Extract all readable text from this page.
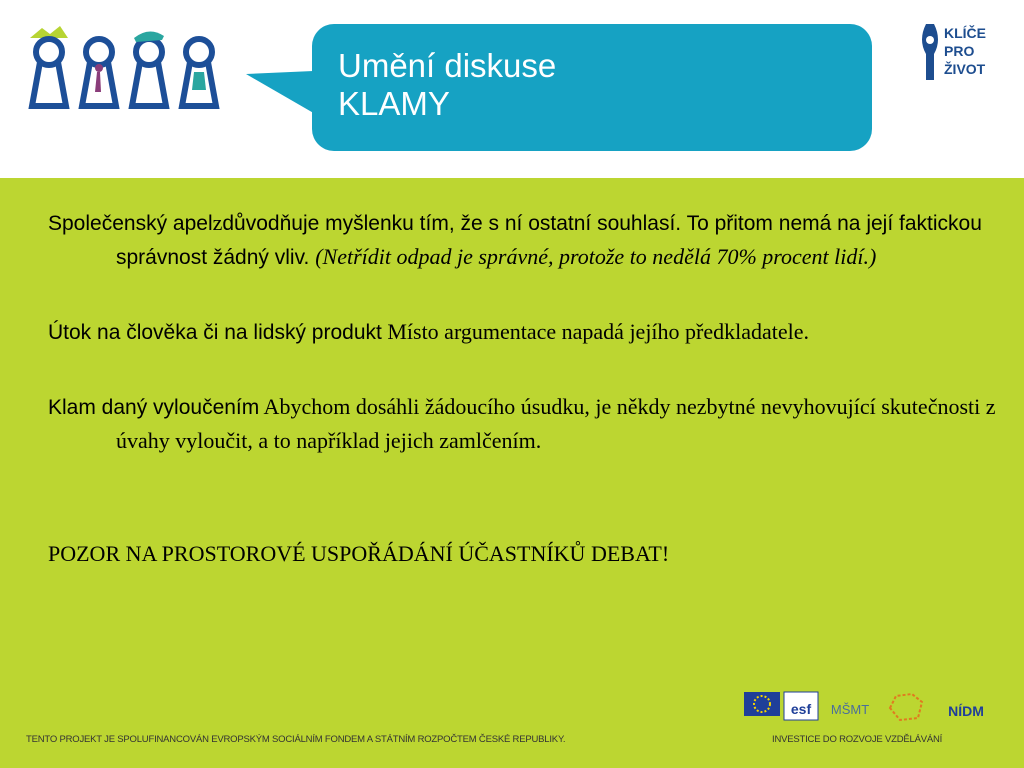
Umění diskuse
KLAMY
KLÍČE
PRO
ŽIVOT
Společenský apelzdůvodňuje myšlenku tím, že s ní ostatní souhlasí. To přitom nemá na její faktickou správnost žádný vliv. (Netřídit odpad je správné, protože to nedělá 70% procent lidí.)
Útok na člověka či na lidský produkt Místo argumentace napadá jejího předkladatele.
Klam daný vyloučením Abychom dosáhli žádoucího úsudku, je někdy nezbytné nevyhovující skutečnosti z úvahy vyloučit, a to například jejich zamlčením.
POZOR NA PROSTOROVÉ USPOŘÁDÁNÍ ÚČASTNÍKŮ DEBAT!
esf MŠMT	NÍDM
TENTO PROJEKT JE SPOLUFINANCOVÁN EVROPSKÝM SOCIÁLNÍM FONDEM A STÁTNÍM ROZPOČTEM ČESKÉ REPUBLIKY.	INVESTICE DO ROZVOJE VZDĚLÁVÁNÍ
